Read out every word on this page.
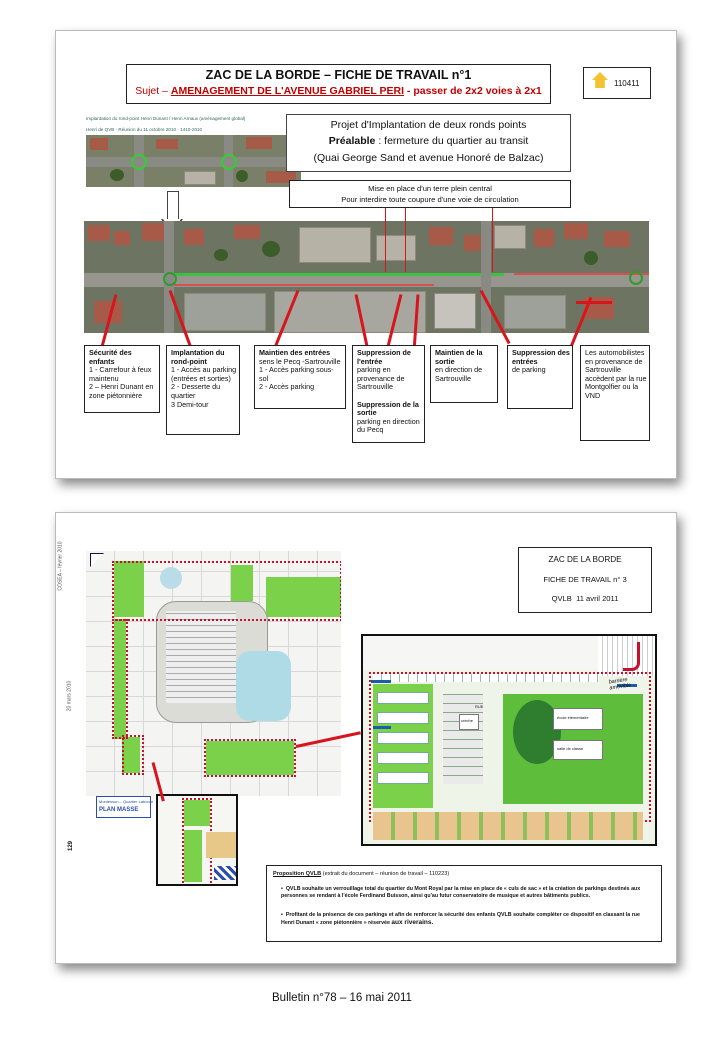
ZAC DE LA BORDE – FICHE DE TRAVAIL n°1
Sujet – AMENAGEMENT DE L'AVENUE GABRIEL PERI - passer de 2x2 voies à 2x1
110411
Implantation du rond-point Henri Dunant / Henri Arnaux (aménagement global)
Henri de QVB · Réunion du 11 octobre 2010 · 1410-2010	Projet d'Implantation de deux ronds points
Préalable : fermeture du quartier au transit
(Quai George Sand et avenue Honoré de Balzac)
Mise en place d'un terre plein central
Pour interdire toute coupure d'une voie de circulation
Sécurité des enfants
1 - Carrefour à feux
maintenu
2 – Henri Dunant en
zone piétonnière
Implantation du rond-point
1 - Accès au parking
(entrées et sorties)
2 - Desserte du
quartier
3 Demi-tour
Maintien des entrées
sens le Pecq -Sartrouville
1 - Accès parking sous-
sol
2 - Accès parking
Suppression de l'entrée
parking en provenance de
Sartrouville

Suppression de la sortie
parking en direction du Pecq
Maintien de la sortie
en direction de
Sartrouville
Suppression des entrées
de parking
Les automobilistes
en provenance de
Sartrouville
accèdent par la rue
Montgolfier ou la
VND
COSEA – février 2010
20 mars 2010
129
ZAC DE LA BORDE
FICHE DE TRAVAIL n° 3
QVLB 11 avril 2011
école élémentaire
salle de classe
crèche
RUE
barrière
amovible
Montesson – Quartier Laborde
PLAN MASSE
Proposition QVLB (extrait du document – réunion de travail – 110223)
•  QVLB souhaite un verrouillage total du quartier du Mont Royal par la mise en place de « culs de sac » et la création de parkings destinés aux personnes se rendant à l'école Ferdinand Buisson, ainsi qu'au futur conservatoire de musique et autres bâtiments publics.
•  Profitant de la présence de ces parkings et afin de renforcer la sécurité des enfants QVLB souhaite compléter ce dispositif en classant la rue Henri Dunant « zone piétonnière » réservée aux riverains.
Bulletin n°78 – 16 mai 2011
